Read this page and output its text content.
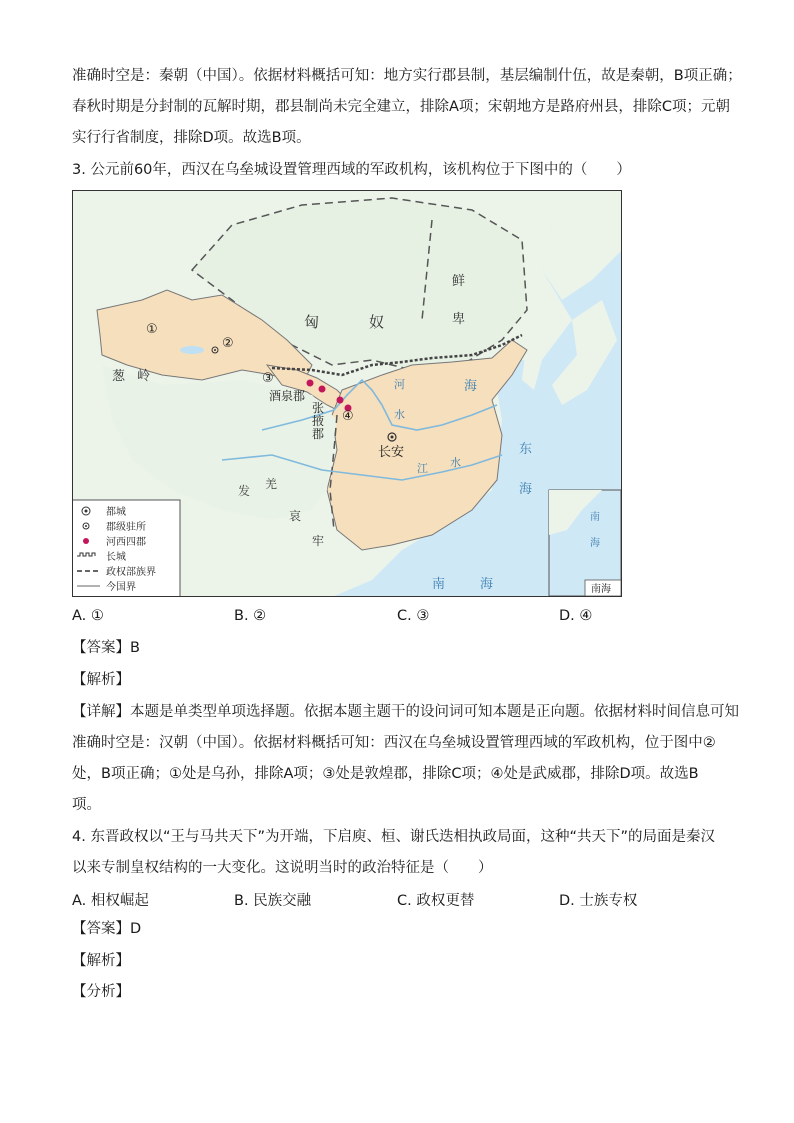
准确时空是：秦朝（中国）。依据材料概括可知：地方实行郡县制，基层编制什伍，故是秦朝，B项正确；
春秋时期是分封制的瓦解时期，郡县制尚未完全建立，排除A项；宋朝地方是路府州县，排除C项；元朝
实行行省制度，排除D项。故选B项。
3. 公元前60年，西汉在乌垒城设置管理西域的军政机构，该机构位于下图中的（　　）
①
②
③
④
匈	奴
鲜
卑
葱 岭
酒泉郡
张
掖
郡
长安
发 羌
哀
牢
河
水
江 水
海
东
海
南	海
南
海
南海
都城
郡级驻所
河西四郡
长城
政权部族界
今国界
A. ①	B. ②	C. ③	D. ④
【答案】B
【解析】
【详解】本题是单类型单项选择题。依据本题主题干的设问词可知本题是正向题。依据材料时间信息可知
准确时空是：汉朝（中国）。依据材料概括可知：西汉在乌垒城设置管理西域的军政机构，位于图中②
处，B项正确；①处是乌孙，排除A项；③处是敦煌郡，排除C项；④处是武威郡，排除D项。故选B
项。
4. 东晋政权以“王与马共天下”为开端，下启庾、桓、谢氏迭相执政局面，这种“共天下”的局面是秦汉
以来专制皇权结构的一大变化。这说明当时的政治特征是（　　）
A. 相权崛起	B. 民族交融	C. 政权更替	D. 士族专权
【答案】D
【解析】
【分析】
